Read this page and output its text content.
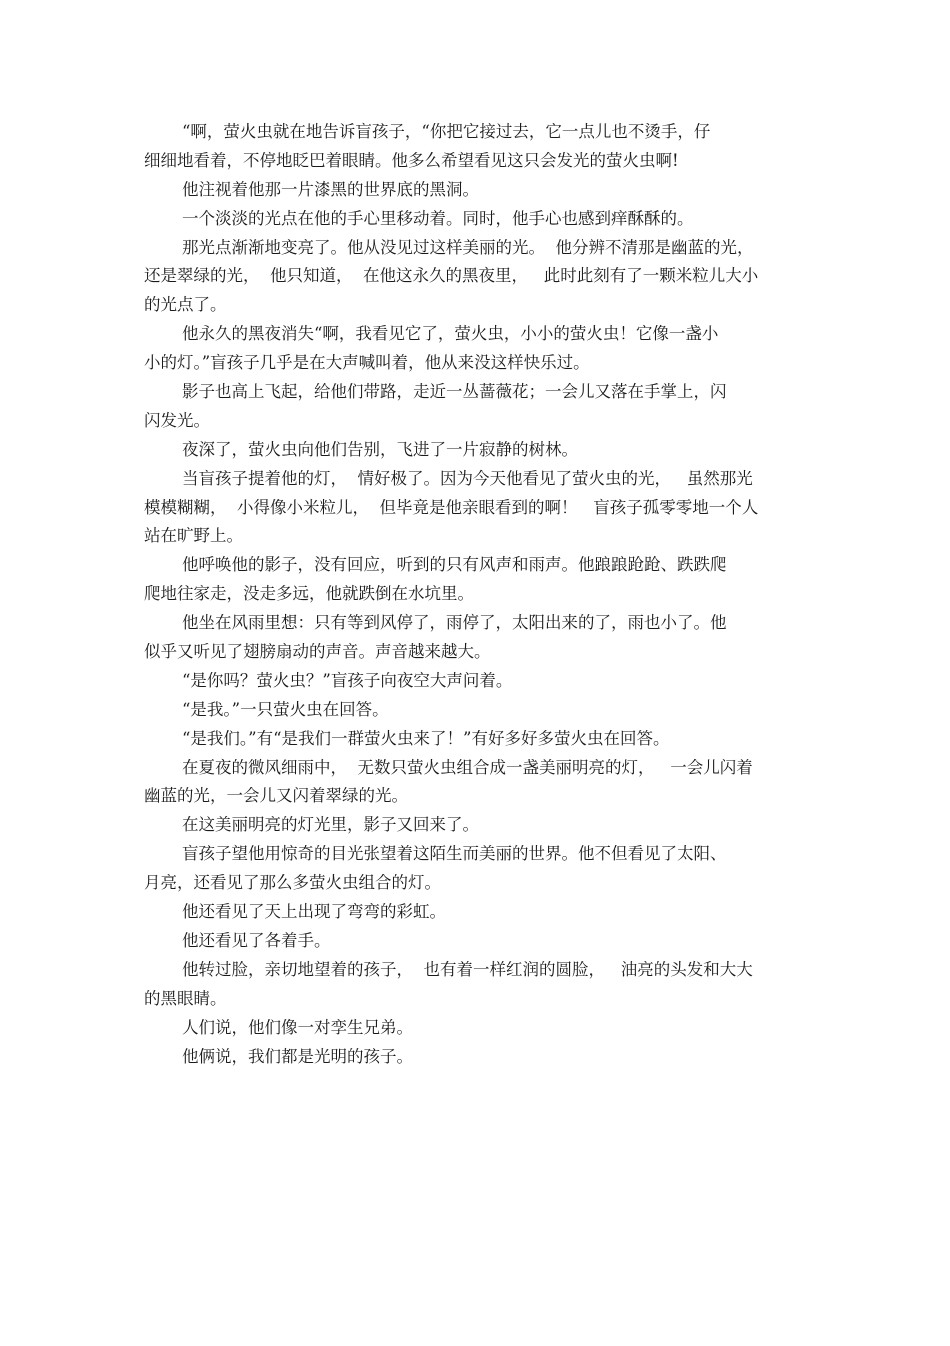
“啊，萤火虫就在地告诉盲孩子，“你把它接过去，它一点儿也不烫手，仔
细细地看着，不停地眨巴着眼睛。他多么希望看见这只会发光的萤火虫啊!
他注视着他那一片漆黑的世界底的黑洞。
一个淡淡的光点在他的手心里移动着。同时，他手心也感到痒酥酥的。
那光点渐渐地变亮了。他从没见过这样美丽的光。  他分辨不清那是幽蓝的光，
还是翠绿的光，  他只知道，  在他这永久的黑夜里，   此时此刻有了一颗米粒儿大小
的光点了。
他永久的黑夜消失“啊，我看见它了，萤火虫，小小的萤火虫！它像一盏小
小的灯。”盲孩子几乎是在大声喊叫着，他从来没这样快乐过。
影子也高上飞起，给他们带路，走近一丛蔷薇花；一会儿又落在手掌上，闪
闪发光。
夜深了，萤火虫向他们告别，飞进了一片寂静的树林。
当盲孩子提着他的灯，  情好极了。因为今天他看见了萤火虫的光，   虽然那光
模模糊糊，  小得像小米粒儿，  但毕竟是他亲眼看到的啊！   盲孩子孤零零地一个人
站在旷野上。
他呼唤他的影子，没有回应，听到的只有风声和雨声。他踉踉跄跄、跌跌爬
爬地往家走，没走多远，他就跌倒在水坑里。
他坐在风雨里想：只有等到风停了，雨停了，太阳出来的了，雨也小了。他
似乎又听见了翅膀扇动的声音。声音越来越大。
“是你吗？萤火虫？”盲孩子向夜空大声问着。
“是我。”一只萤火虫在回答。
“是我们。”有“是我们一群萤火虫来了！”有好多好多萤火虫在回答。
在夏夜的微风细雨中，  无数只萤火虫组合成一盏美丽明亮的灯，   一会儿闪着
幽蓝的光，一会儿又闪着翠绿的光。
在这美丽明亮的灯光里，影子又回来了。
盲孩子望他用惊奇的目光张望着这陌生而美丽的世界。他不但看见了太阳、
月亮，还看见了那么多萤火虫组合的灯。
他还看见了天上出现了弯弯的彩虹。
他还看见了各着手。
他转过脸，亲切地望着的孩子，  也有着一样红润的圆脸，   油亮的头发和大大
的黑眼睛。
人们说，他们像一对孪生兄弟。
他俩说，我们都是光明的孩子。
